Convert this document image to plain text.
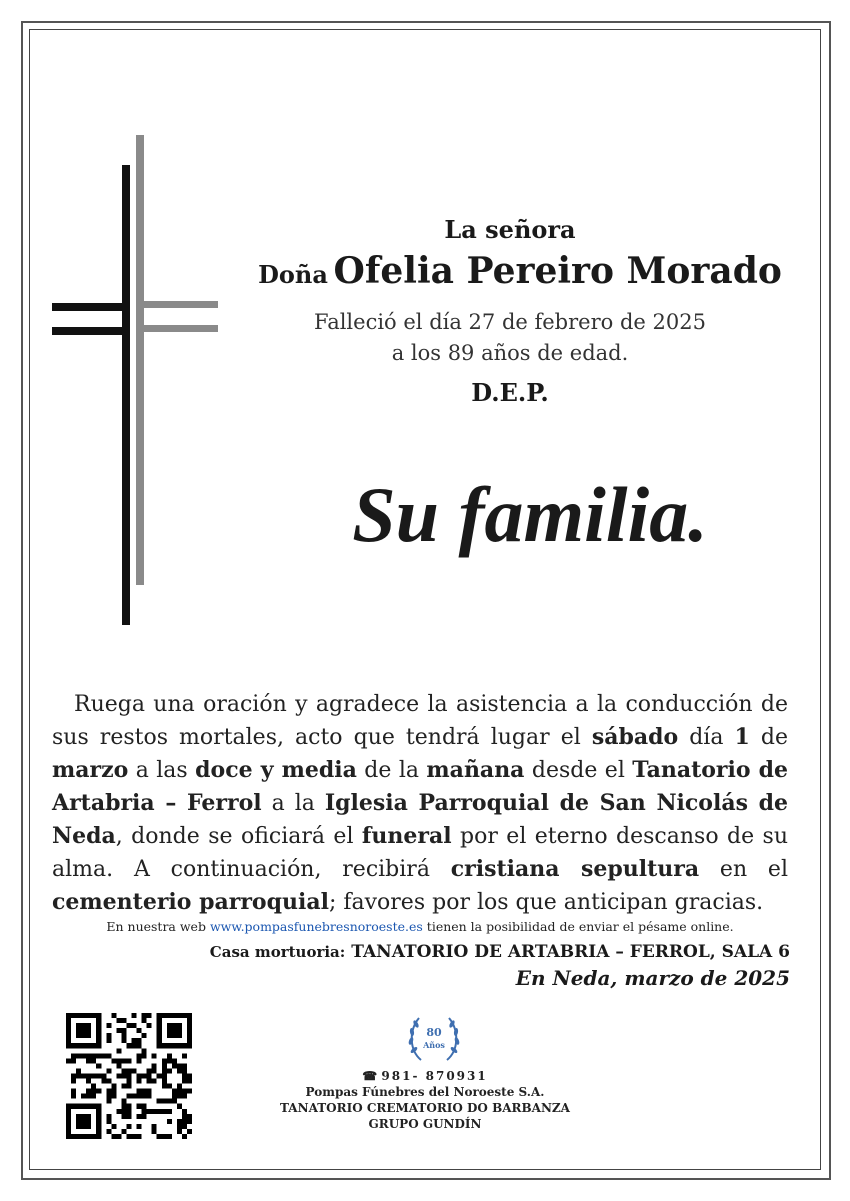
La señora
Doña Ofelia Pereiro Morado
Falleció el día 27 de febrero de 2025
a los 89 años de edad.
D.E.P.
Su familia.
Ruega una oración y agradece la asistencia a la conducción de sus restos mortales, acto que tendrá lugar el sábado día 1 de marzo a las doce y media de la mañana desde el Tanatorio de Artabria – Ferrol a la Iglesia Parroquial de San Nicolás de Neda, donde se oficiará el funeral por el eterno descanso de su alma. A continuación, recibirá cristiana sepultura en el cementerio parroquial; favores por los que anticipan gracias.
En nuestra web www.pompasfunebresnoroeste.es tienen la posibilidad de enviar el pésame online.
Casa mortuoria: TANATORIO DE ARTABRIA – FERROL, SALA 6
En Neda, marzo de 2025
80
Años
☎ 981- 870931
Pompas Fúnebres del Noroeste S.A.
TANATORIO CREMATORIO DO BARBANZA
GRUPO GUNDÍN
